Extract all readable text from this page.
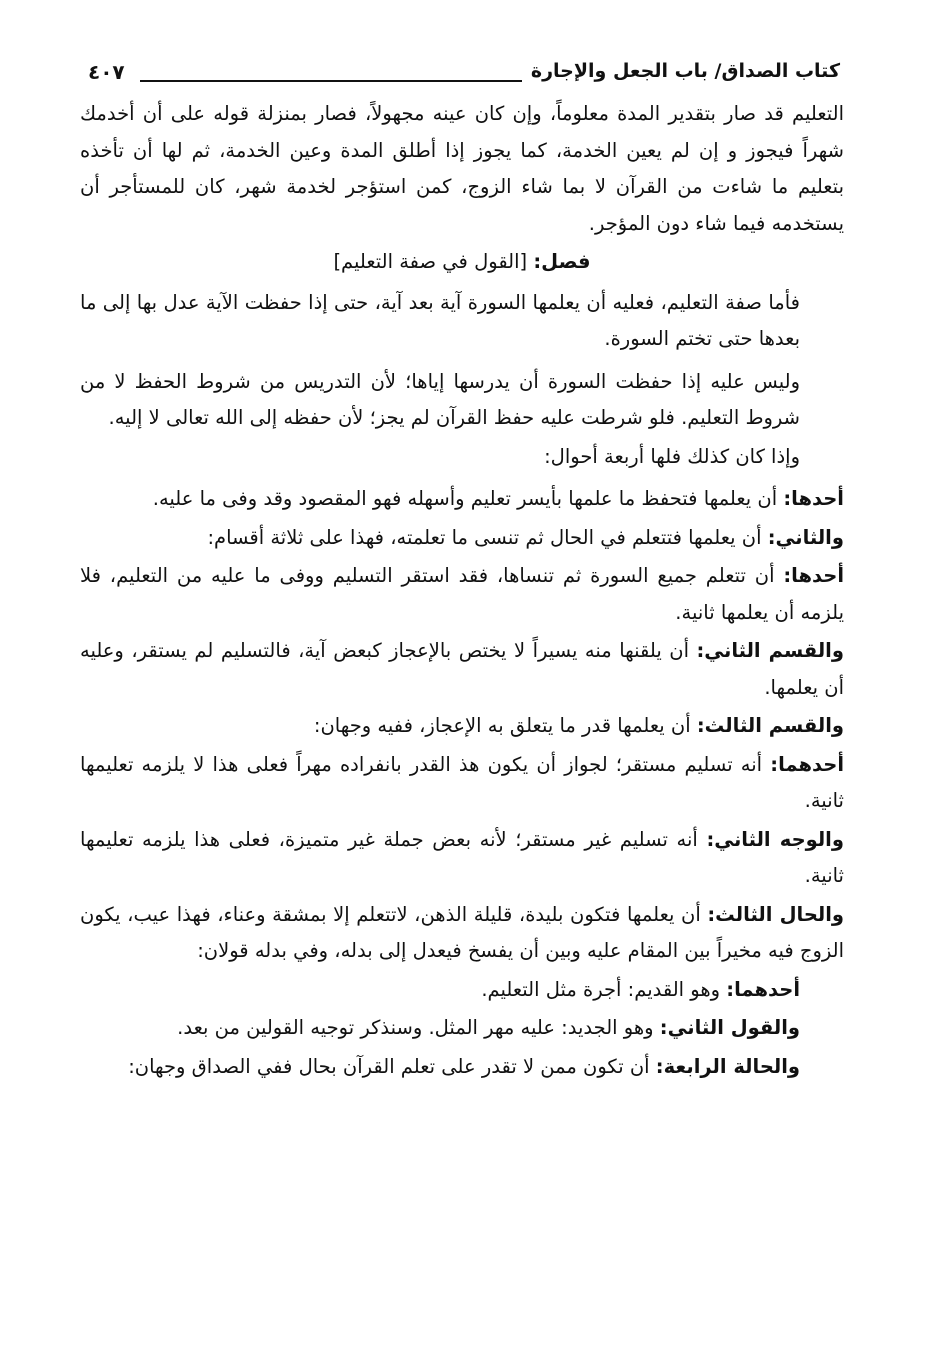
كتاب الصداق/ باب الجعل والإجارة
٤٠٧

التعليم قد صار بتقدير المدة معلوماً، وإن كان عينه مجهولاً، فصار بمنزلة قوله على أن أخدمك شهراً فيجوز و إن لم يعين الخدمة، كما يجوز إذا أطلق المدة وعين الخدمة، ثم لها أن تأخذه بتعليم ما شاءت من القرآن لا بما شاء الزوج، كمن استؤجر لخدمة شهر، كان للمستأجر أن يستخدمه فيما شاء دون المؤجر.

فصل: [القول في صفة التعليم]

فأما صفة التعليم، فعليه أن يعلمها السورة آية بعد آية، حتى إذا حفظت الآية عدل بها إلى ما بعدها حتى تختم السورة.

وليس عليه إذا حفظت السورة أن يدرسها إياها؛ لأن التدريس من شروط الحفظ لا من شروط التعليم. فلو شرطت عليه حفظ القرآن لم يجز؛ لأن حفظه إلى الله تعالى لا إليه.

وإذا كان كذلك فلها أربعة أحوال:

أحدها: أن يعلمها فتحفظ ما علمها بأيسر تعليم وأسهله فهو المقصود وقد وفى ما عليه.

والثاني: أن يعلمها فتتعلم في الحال ثم تنسى ما تعلمته، فهذا على ثلاثة أقسام:

أحدها: أن تتعلم جميع السورة ثم تنساها، فقد استقر التسليم ووفى ما عليه من التعليم، فلا يلزمه أن يعلمها ثانية.

والقسم الثاني: أن يلقنها منه يسيراً لا يختص بالإعجاز كبعض آية، فالتسليم لم يستقر، وعليه أن يعلمها.

والقسم الثالث: أن يعلمها قدر ما يتعلق به الإعجاز، ففيه وجهان:

أحدهما: أنه تسليم مستقر؛ لجواز أن يكون هذ القدر بانفراده مهراً فعلى هذا لا يلزمه تعليمها ثانية.

والوجه الثاني: أنه تسليم غير مستقر؛ لأنه بعض جملة غير متميزة، فعلى هذا يلزمه تعليمها ثانية.

والحال الثالث: أن يعلمها فتكون بليدة، قليلة الذهن، لاتتعلم إلا بمشقة وعناء، فهذا عيب، يكون الزوج فيه مخيراً بين المقام عليه وبين أن يفسخ فيعدل إلى بدله، وفي بدله قولان:

أحدهما: وهو القديم: أجرة مثل التعليم.

والقول الثاني: وهو الجديد: عليه مهر المثل. وسنذكر توجيه القولين من بعد.

والحالة الرابعة: أن تكون ممن لا تقدر على تعلم القرآن بحال ففي الصداق وجهان:
